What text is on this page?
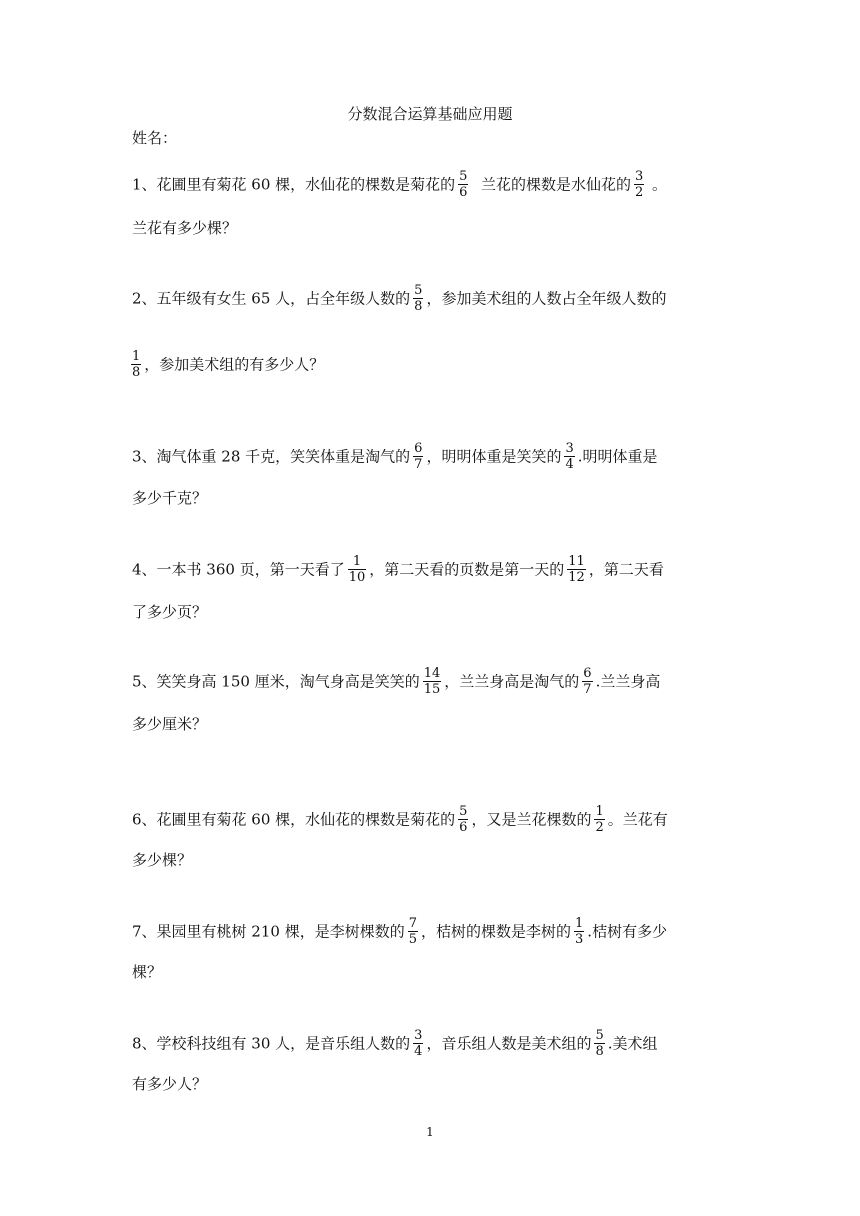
分数混合运算基础应用题
姓名：
1、花圃里有菊花 60 棵，水仙花的棵数是菊花的 $\frac{5}{6}$ 兰花的棵数是水仙花的 $\frac{3}{2}$ 。
兰花有多少棵？
2、五年级有女生 65 人，占全年级人数的 $\frac{5}{8}$ ，参加美术组的人数占全年级人数的
$\frac{1}{8}$ ，参加美术组的有多少人？
3、淘气体重 28 千克，笑笑体重是淘气的 $\frac{6}{7}$ ，明明体重是笑笑的 $\frac{3}{4}$ .明明体重是
多少千克？
4、一本书 360 页，第一天看了 $\frac{1}{10}$ ，第二天看的页数是第一天的 $\frac{11}{12}$ ，第二天看
了多少页？
5、笑笑身高 150 厘米，淘气身高是笑笑的 $\frac{14}{15}$ ，兰兰身高是淘气的 $\frac{6}{7}$ .兰兰身高
多少厘米？
6、花圃里有菊花 60 棵，水仙花的棵数是菊花的 $\frac{5}{6}$ ，又是兰花棵数的 $\frac{1}{2}$ 。兰花有
多少棵？
7、果园里有桃树 210 棵，是李树棵数的 $\frac{7}{5}$ ，桔树的棵数是李树的 $\frac{1}{3}$ .桔树有多少
棵？
8、学校科技组有 30 人，是音乐组人数的 $\frac{3}{4}$ ，音乐组人数是美术组的 $\frac{5}{8}$ .美术组
有多少人？
1
